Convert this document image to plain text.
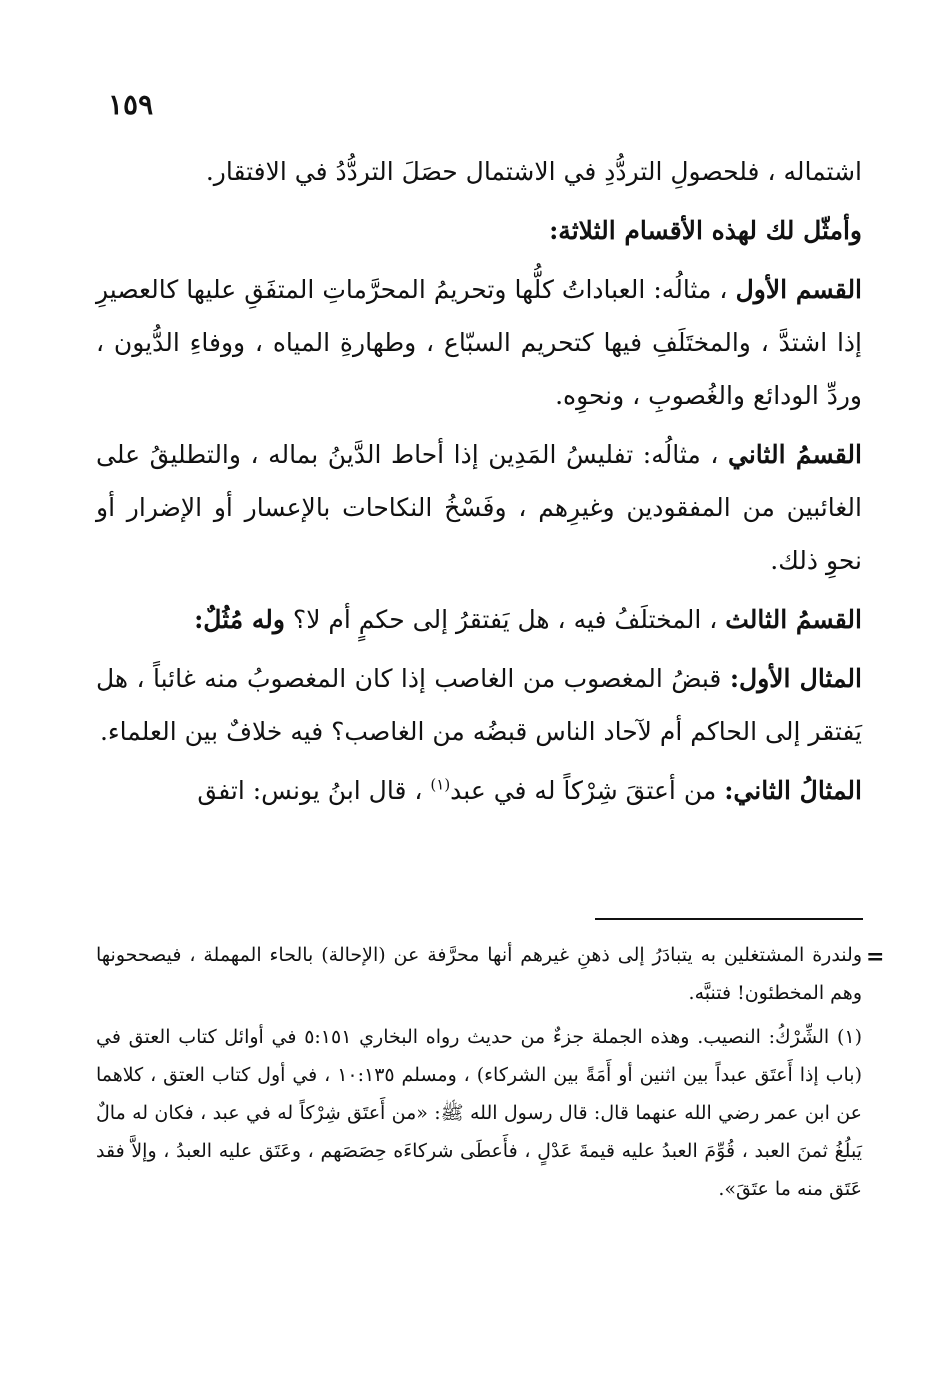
١٥٩

اشتماله ، فلحصولِ التردُّدِ في الاشتمال حصَلَ التردُّدُ في الافتقار.

وأمثّل لك لهذه الأقسام الثلاثة:

القسم الأول ، مثالُه: العباداتُ كلُّها وتحريمُ المحرَّماتِ المتفَقِ عليها كالعصيرِ إذا اشتدَّ ، والمختَلَفِ فيها كتحريم السبّاع ، وطهارةِ المياه ، ووفاءِ الدُّيون ، وردِّ الودائع والغُصوبِ ، ونحوِه.

القسمُ الثاني ، مثالُه: تفليسُ المَدِين إذا أحاط الدَّينُ بماله ، والتطليقُ على الغائبين من المفقودين وغيرِهم ، وفَسْخُ النكاحات بالإعسار أو الإضرار أو نحوِ ذلك.

القسمُ الثالث ، المختلَفُ فيه ، هل يَفتقرُ إلى حكمٍ أم لا؟ وله مُثُلٌ:

المثال الأول: قبضُ المغصوب من الغاصب إذا كان المغصوبُ منه غائباً ، هل يَفتقر إلى الحاكم أم لآحاد الناس قبضُه من الغاصب؟ فيه خلافٌ بين العلماء.

المثالُ الثاني: من أعتقَ شِرْكاً له في عبد$^{(١)}$ ، قال ابنُ يونس: اتفق

=

ولندرة المشتغلين به يتبادَرُ إلى ذهنِ غيرهم أنها محرَّفة عن (الإحالة) بالحاء المهملة ، فيصححونها وهم المخطئون! فتنبَّه.

(١) الشِّرْكُ: النصيب. وهذه الجملة جزءٌ من حديث رواه البخاري ٥:١٥١ في أوائل كتاب العتق في (باب إذا أَعتَق عبداً بين اثنين أو أَمَةً بين الشركاء) ، ومسلم ١٠:١٣٥ ، في أول كتاب العتق ، كلاهما عن ابن عمر رضي الله عنهما قال: قال رسول الله ﷺ: «من أَعتَق شِرْكاً له في عبد ، فكان له مالٌ يَبلُغُ ثمنَ العبد ، قُوِّمَ العبدُ عليه قيمةَ عَدْلٍ ، فأَعطَى شركاءَه حِصَصَهم ، وعَتَق عليه العبدُ ، وإلاَّ فقد عَتَق منه ما عتَقَ».
